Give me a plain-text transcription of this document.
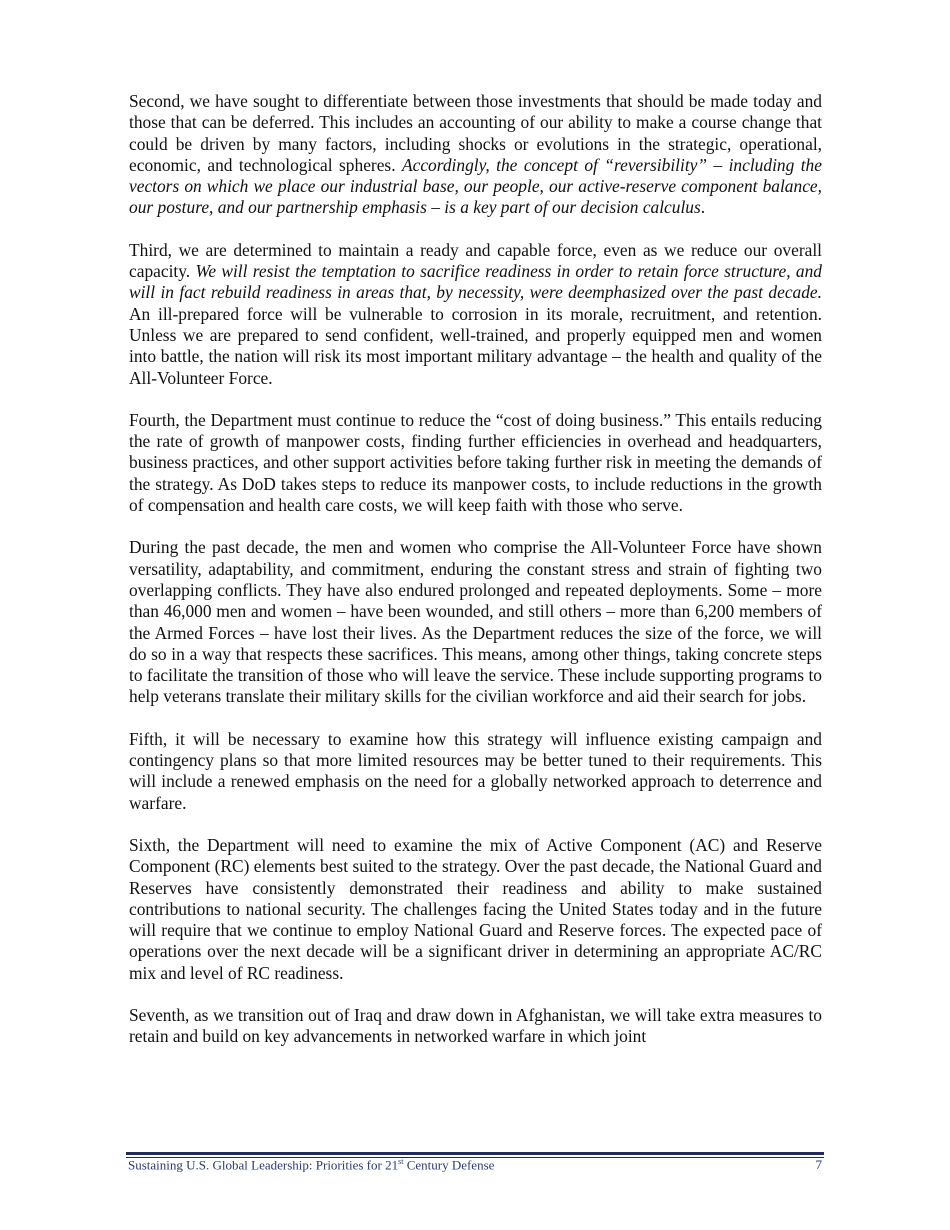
Second, we have sought to differentiate between those investments that should be made today and those that can be deferred. This includes an accounting of our ability to make a course change that could be driven by many factors, including shocks or evolutions in the strategic, operational, economic, and technological spheres. Accordingly, the concept of “reversibility” – including the vectors on which we place our industrial base, our people, our active-reserve component balance, our posture, and our partnership emphasis – is a key part of our decision calculus.

Third, we are determined to maintain a ready and capable force, even as we reduce our overall capacity. We will resist the temptation to sacrifice readiness in order to retain force structure, and will in fact rebuild readiness in areas that, by necessity, were deemphasized over the past decade. An ill-prepared force will be vulnerable to corrosion in its morale, recruitment, and retention. Unless we are prepared to send confident, well-trained, and properly equipped men and women into battle, the nation will risk its most important military advantage – the health and quality of the All-Volunteer Force.

Fourth, the Department must continue to reduce the “cost of doing business.” This entails reducing the rate of growth of manpower costs, finding further efficiencies in overhead and headquarters, business practices, and other support activities before taking further risk in meeting the demands of the strategy. As DoD takes steps to reduce its manpower costs, to include reductions in the growth of compensation and health care costs, we will keep faith with those who serve.

During the past decade, the men and women who comprise the All-Volunteer Force have shown versatility, adaptability, and commitment, enduring the constant stress and strain of fighting two overlapping conflicts. They have also endured prolonged and repeated deployments. Some – more than 46,000 men and women – have been wounded, and still others – more than 6,200 members of the Armed Forces – have lost their lives. As the Department reduces the size of the force, we will do so in a way that respects these sacrifices. This means, among other things, taking concrete steps to facilitate the transition of those who will leave the service. These include supporting programs to help veterans translate their military skills for the civilian workforce and aid their search for jobs.

Fifth, it will be necessary to examine how this strategy will influence existing campaign and contingency plans so that more limited resources may be better tuned to their requirements. This will include a renewed emphasis on the need for a globally networked approach to deterrence and warfare.

Sixth, the Department will need to examine the mix of Active Component (AC) and Reserve Component (RC) elements best suited to the strategy. Over the past decade, the National Guard and Reserves have consistently demonstrated their readiness and ability to make sustained contributions to national security. The challenges facing the United States today and in the future will require that we continue to employ National Guard and Reserve forces. The expected pace of operations over the next decade will be a significant driver in determining an appropriate AC/RC mix and level of RC readiness.

Seventh, as we transition out of Iraq and draw down in Afghanistan, we will take extra measures to retain and build on key advancements in networked warfare in which joint

Sustaining U.S. Global Leadership: Priorities for 21st Century Defense	7
